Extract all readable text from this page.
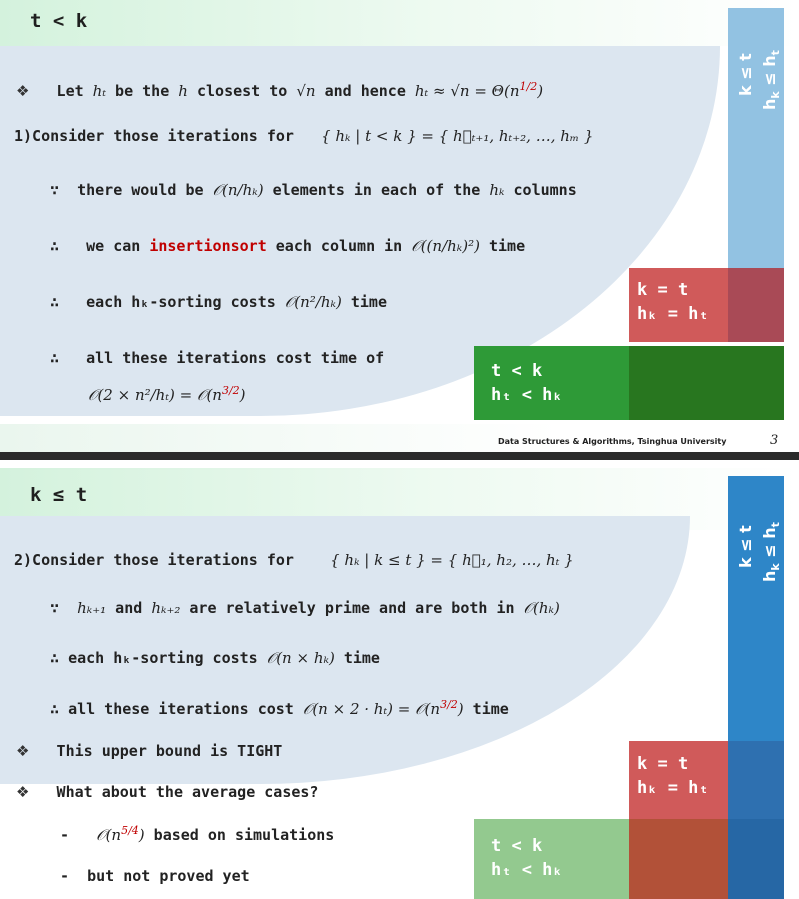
t < k
k ≤ t
$h_k \le h_t$
k = t
hₖ = hₜ
t < k
hₜ < hₖ
❖ Let hₜ be the h closest to √n and hence $h_t \approx √n = \Theta(n^{1/2})$
1)Consider those iterations for { hₖ | t < k } = { h⃖ₜ₊₁, hₜ₊₂, …, hₘ }
∵ there would be 𝒪(n/hₖ) elements in each of the hₖ columns
∴ we can insertionsort each column in 𝒪((n/hₖ)²) time
∴ each hₖ-sorting costs 𝒪(n²/hₖ) time
∴ all these iterations cost time of
𝒪(2 × $n^2/h_t) = 𝒪(n^{3/2})$
Data Structures & Algorithms, Tsinghua University	3
k ≤ t
k ≤ t
$h_k \le h_t$
k = t
hₖ = hₜ
t < k
hₜ < hₖ
2)Consider those iterations for { hₖ | k ≤ t } = { h⃖₁, h₂, …, hₜ }
∵ hₖ₊₁ and hₖ₊₂ are relatively prime and are both in 𝒪(hₖ)
∴ each hₖ-sorting costs 𝒪(n × hₖ) time
∴ all these iterations cost 𝒪(n × $2 \cdot h_t) = 𝒪(n^{3/2})$ time
❖ This upper bound is TIGHT
❖ What about the average cases?
- $𝒪(n^{5/4})$ based on simulations
- but not proved yet
